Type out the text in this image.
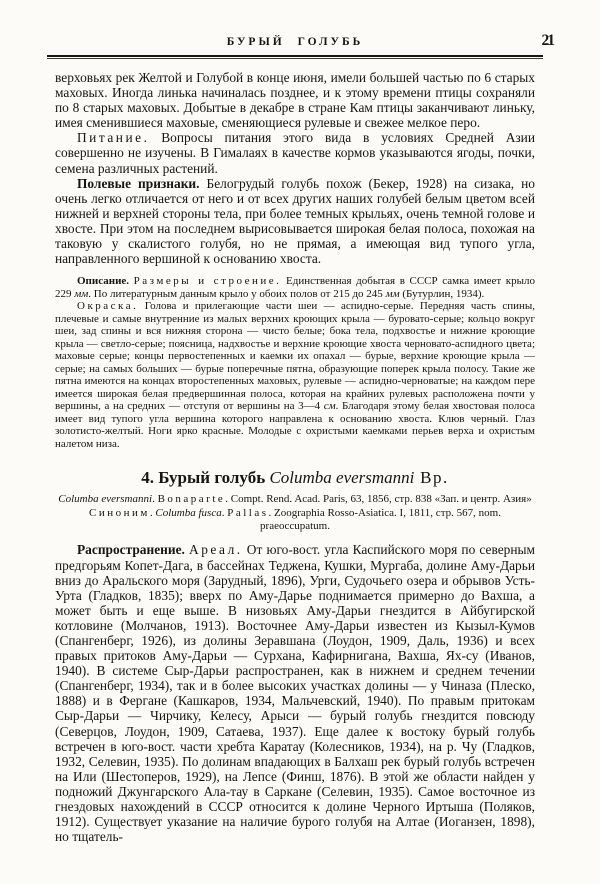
БУРЫЙ ГОЛУБЬ	21

верховьях рек Желтой и Голубой в конце июня, имели большей частью по 6 старых маховых. Иногда линька начиналась позднее, и к этому времени птицы сохраняли по 8 старых маховых. Добытые в декабре в стране Кам птицы заканчивают линьку, имея сменившиеся маховые, сменяющиеся рулевые и свежее мелкое перо.

Питание. Вопросы питания этого вида в условиях Средней Азии совершенно не изучены. В Гималаях в качестве кормов указываются ягоды, почки, семена различных растений.

Полевые признаки. Белогрудый голубь похож (Бекер, 1928) на сизака, но очень легко отличается от него и от всех других наших голубей белым цветом всей нижней и верхней стороны тела, при более темных крыльях, очень темной голове и хвосте. При этом на последнем вырисовывается широкая белая полоса, похожая на таковую у скалистого голубя, но не прямая, а имеющая вид тупого угла, направленного вершиной к основанию хвоста.

Описание. Размеры и строение. Единственная добытая в СССР самка имеет крыло 229 мм. По литературным данным крыло у обоих полов от 215 до 245 мм (Бутурлин, 1934).

Окраска. Голова и прилегающие части шеи — аспидно-серые. Передняя часть спины, плечевые и самые внутренние из малых верхних кроющих крыла — буровато-серые; кольцо вокруг шеи, зад спины и вся нижняя сторона — чисто белые; бока тела, подхвостье и нижние кроющие крыла — светло-серые; поясница, надхвостье и верхние кроющие хвоста черновато-аспидного цвета; маховые серые; концы первостепенных и каемки их опахал — бурые, верхние кроющие крыла — серые; на самых больших — бурые поперечные пятна, образующие поперек крыла полосу. Такие же пятна имеются на концах второстепенных маховых, рулевые — аспидно-черноватые; на каждом пере имеется широкая белая предвершинная полоса, которая на крайних рулевых расположена почти у вершины, а на средних — отступя от вершины на 3—4 см. Благодаря этому белая хвостовая полоса имеет вид тупого угла вершина которого направлена к основанию хвоста. Клюв черный. Глаз золотисто-желтый. Ноги ярко красные. Молодые с охристыми каемками перьев верха и охристым налетом низа.

4. Бурый голубь Columba eversmanni Вр.

Columba eversmanni. Bonaparte. Compt. Rend. Acad. Paris, 63, 1856, стр. 838 «Зап. и центр. Азия»

Синоним. Columba fusca. Pallas. Zoographia Rosso-Asiatica. I, 1811, стр. 567, nom. praeoccupatum.

Распространение. Ареал. От юго-вост. угла Каспийского моря по северным предгорьям Копет-Дага, в бассейнах Теджена, Кушки, Мургаба, долине Аму-Дарьи вниз до Аральского моря (Зарудный, 1896), Урги, Судочьего озера и обрывов Усть-Урта (Гладков, 1835); вверх по Аму-Дарье поднимается примерно до Вахша, а может быть и еще выше. В низовьях Аму-Дарьи гнездится в Айбугирской котловине (Молчанов, 1913). Восточнее Аму-Дарьи известен из Кызыл-Кумов (Спангенберг, 1926), из долины Зеравшана (Лоудон, 1909, Даль, 1936) и всех правых притоков Аму-Дарьи — Сурхана, Кафирнигана, Вахша, Ях-су (Иванов, 1940). В системе Сыр-Дарьи распространен, как в нижнем и среднем течении (Спангенберг, 1934), так и в более высоких участках долины — у Чиназа (Плеско, 1888) и в Фергане (Кашкаров, 1934, Мальчевский, 1940). По правым притокам Сыр-Дарьи — Чирчику, Келесу, Арыси — бурый голубь гнездится повсюду (Северцов, Лоудон, 1909, Сатаева, 1937). Еще далее к востоку бурый голубь встречен в юго-вост. части хребта Каратау (Колесников, 1934), на р. Чу (Гладков, 1932, Селевин, 1935). По долинам впадающих в Балхаш рек бурый голубь встречен на Или (Шестоперов, 1929), на Лепсе (Финш, 1876). В этой же области найден у подножий Джунгарского Ала-тау в Саркане (Селевин, 1935). Самое восточное из гнездовых нахождений в СССР относится к долине Черного Иртыша (Поляков, 1912). Существует указание на наличие бурого голубя на Алтае (Иоганзен, 1898), но тщатель-
